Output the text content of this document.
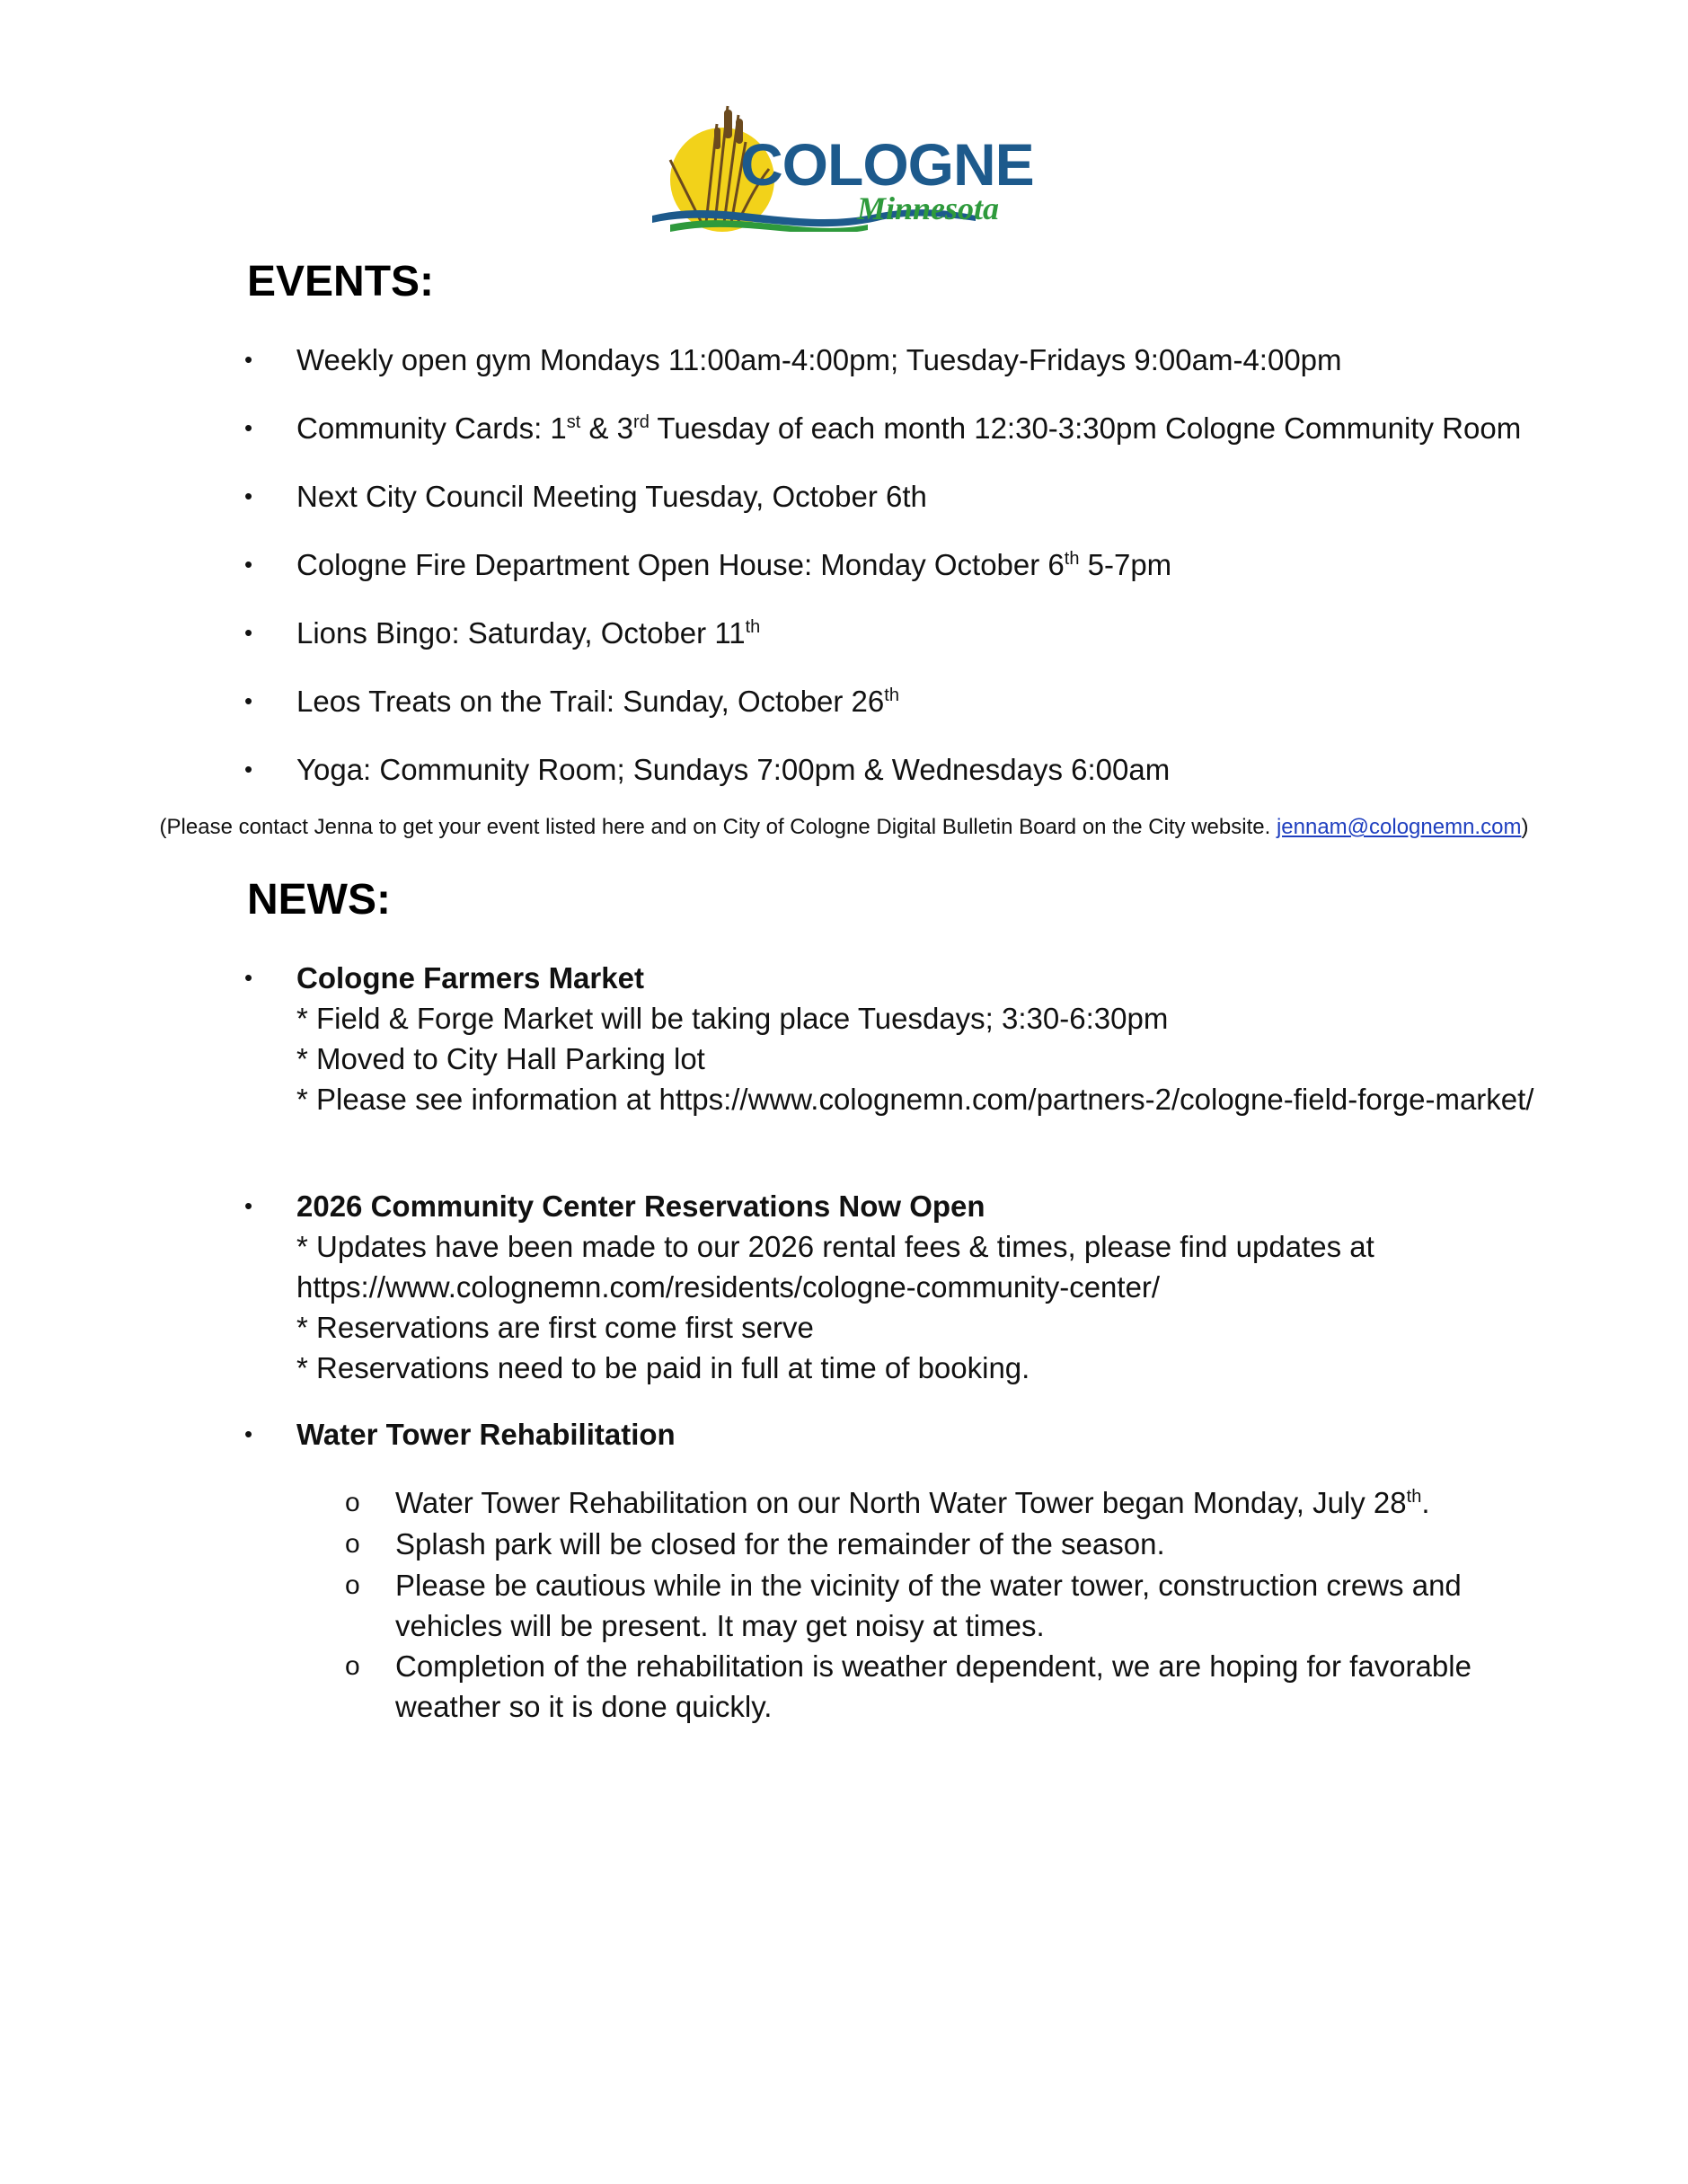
COLOGNE
Minnesota
EVENTS:
• Weekly open gym Mondays 11:00am-4:00pm; Tuesday-Fridays 9:00am-4:00pm
• Community Cards: 1st & 3rd Tuesday of each month 12:30-3:30pm Cologne Community Room
• Next City Council Meeting Tuesday, October 6th
• Cologne Fire Department Open House: Monday October 6th 5-7pm
• Lions Bingo: Saturday, October 11th
• Leos Treats on the Trail: Sunday, October 26th
• Yoga: Community Room; Sundays 7:00pm & Wednesdays 6:00am
(Please contact Jenna to get your event listed here and on City of Cologne Digital Bulletin Board on the City website. jennam@colognemn.com)
NEWS:
• Cologne Farmers Market
* Field & Forge Market will be taking place Tuesdays; 3:30-6:30pm
* Moved to City Hall Parking lot
* Please see information at https://www.colognemn.com/partners-2/cologne-field-forge-market/
• 2026 Community Center Reservations Now Open
* Updates have been made to our 2026 rental fees & times, please find updates at https://www.colognemn.com/residents/cologne-community-center/
* Reservations are first come first serve
* Reservations need to be paid in full at time of booking.
• Water Tower Rehabilitation
o Water Tower Rehabilitation on our North Water Tower began Monday, July 28th.
o Splash park will be closed for the remainder of the season.
o Please be cautious while in the vicinity of the water tower, construction crews and vehicles will be present. It may get noisy at times.
o Completion of the rehabilitation is weather dependent, we are hoping for favorable weather so it is done quickly.
